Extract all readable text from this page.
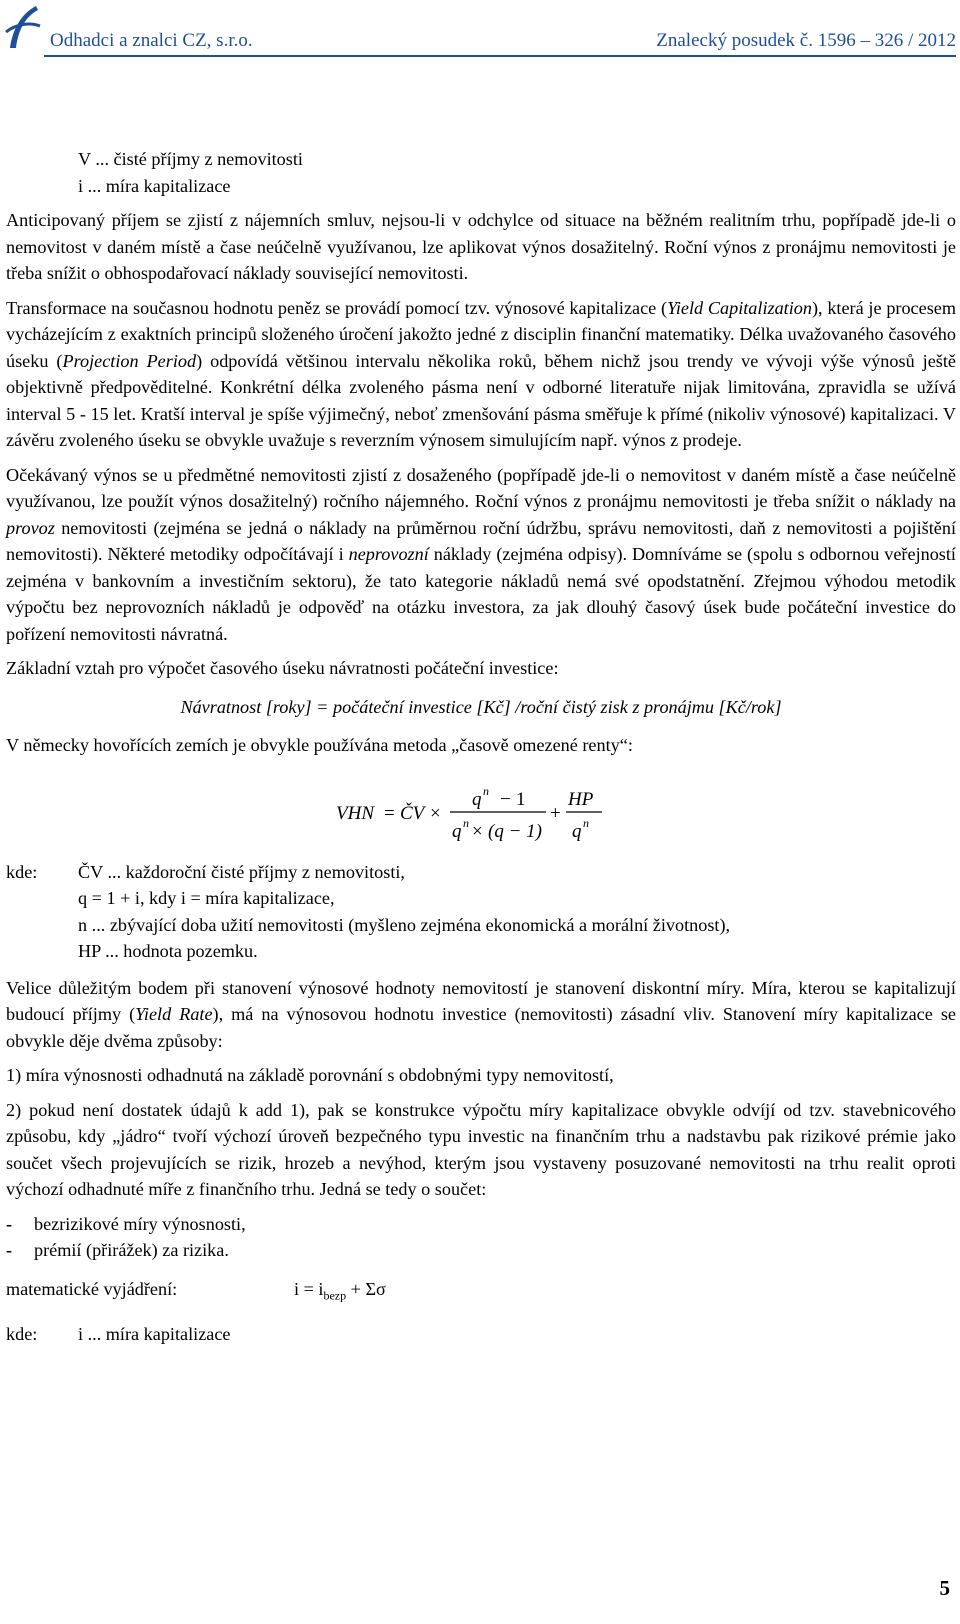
Odhadci a znalci CZ, s.r.o.	Znalecký posudek č. 1596 – 326 / 2012

V ... čisté příjmy z nemovitosti

i ... míra kapitalizace

Anticipovaný příjem se zjistí z nájemních smluv, nejsou-li v odchylce od situace na běžném realitním trhu, popřípadě jde-li o nemovitost v daném místě a čase neúčelně využívanou, lze aplikovat výnos dosažitelný. Roční výnos z pronájmu nemovitosti je třeba snížit o obhospodařovací náklady související nemovitosti.

Transformace na současnou hodnotu peněz se provádí pomocí tzv. výnosové kapitalizace (Yield Capitalization), která je procesem vycházejícím z exaktních principů složeného úročení jakožto jedné z disciplin finanční matematiky. Délka uvažovaného časového úseku (Projection Period) odpovídá většinou intervalu několika roků, během nichž jsou trendy ve vývoji výše výnosů ještě objektivně předpověditelné. Konkrétní délka zvoleného pásma není v odborné literatuře nijak limitována, zpravidla se užívá interval 5 - 15 let. Kratší interval je spíše výjimečný, neboť zmenšování pásma směřuje k přímé (nikoliv výnosové) kapitalizaci. V závěru zvoleného úseku se obvykle uvažuje s reverzním výnosem simulujícím např. výnos z prodeje.

Očekávaný výnos se u předmětné nemovitosti zjistí z dosaženého (popřípadě jde-li o nemovitost v daném místě a čase neúčelně využívanou, lze použít výnos dosažitelný) ročního nájemného. Roční výnos z pronájmu nemovitosti je třeba snížit o náklady na provoz nemovitosti (zejména se jedná o náklady na průměrnou roční údržbu, správu nemovitosti, daň z nemovitosti a pojištění nemovitosti). Některé metodiky odpočítávají i neprovozní náklady (zejména odpisy). Domníváme se (spolu s odbornou veřejností zejména v bankovním a investičním sektoru), že tato kategorie nákladů nemá své opodstatnění. Zřejmou výhodou metodik výpočtu bez neprovozních nákladů je odpověď na otázku investora, za jak dlouhý časový úsek bude počáteční investice do pořízení nemovitosti návratná.

Základní vztah pro výpočet časového úseku návratnosti počáteční investice:

Návratnost [roky] = počáteční investice [Kč] /roční čistý zisk z pronájmu [Kč/rok]

V německy hovořících zemích je obvykle používána metoda „časově omezené renty“:

VHN = ČV ×
q n − 1
q n × (q − 1)
+
HP
q n
kde:	ČV ... každoroční čisté příjmy z nemovitosti,
q = 1 + i, kdy i = míra kapitalizace,
n ... zbývající doba užití nemovitosti (myšleno zejména ekonomická a morální životnost),
HP ... hodnota pozemku.

Velice důležitým bodem při stanovení výnosové hodnoty nemovitostí je stanovení diskontní míry. Míra, kterou se kapitalizují budoucí příjmy (Yield Rate), má na výnosovou hodnotu investice (nemovitosti) zásadní vliv. Stanovení míry kapitalizace se obvykle děje dvěma způsoby:

1) míra výnosnosti odhadnutá na základě porovnání s obdobnými typy nemovitostí,

2) pokud není dostatek údajů k add 1), pak se konstrukce výpočtu míry kapitalizace obvykle odvíjí od tzv. stavebnicového způsobu, kdy „jádro“ tvoří výchozí úroveň bezpečného typu investic na finančním trhu a nadstavbu pak rizikové prémie jako součet všech projevujících se rizik, hrozeb a nevýhod, kterým jsou vystaveny posuzované nemovitosti na trhu realit oproti výchozí odhadnuté míře z finančního trhu. Jedná se tedy o součet:

-	bezrizikové míry výnosnosti,
-	prémií (přirážek) za rizika.
matematické vyjádření:	$i = i_{bezp} + \Sigma\sigma$
kde:	i ... míra kapitalizace
5
